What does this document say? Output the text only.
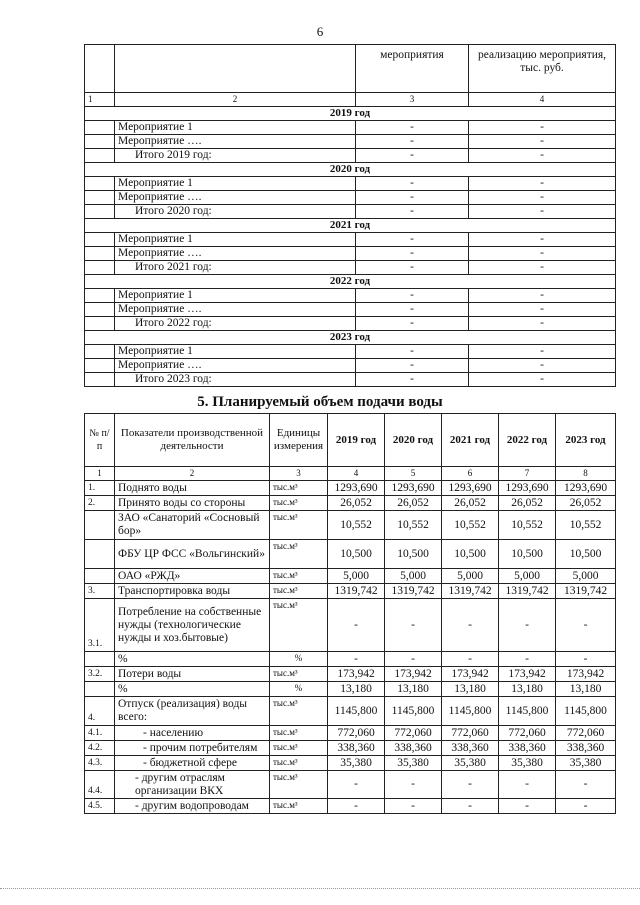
6
		мероприятия	реализацию мероприятия, тыс. руб.
1	2	3	4
2019 год			
	Мероприятие 1	-	-
	Мероприятие ….	-	-
	Итого 2019 год:	-	-
2020 год			
	Мероприятие 1	-	-
	Мероприятие ….	-	-
	Итого 2020 год:	-	-
2021 год			
	Мероприятие 1	-	-
	Мероприятие ….	-	-
	Итого 2021 год:	-	-
2022 год			
	Мероприятие 1	-	-
	Мероприятие ….	-	-
	Итого 2022 год:	-	-
2023 год			
	Мероприятие 1	-	-
	Мероприятие ….	-	-
	Итого 2023 год:	-	-
5. Планируемый объем подачи воды
№ п/п	Показатели производственной деятельности	Единицы измерения	2019 год	2020 год	2021 год	2022 год	2023 год
1	2	3	4	5	6	7	8
1.	Поднято воды	тыс.м³	1293,690	1293,690	1293,690	1293,690	1293,690
2.	Принято воды со стороны	тыс.м³	26,052	26,052	26,052	26,052	26,052
	ЗАО «Санаторий «Сосновый бор»	тыс.м³	10,552	10,552	10,552	10,552	10,552
	ФБУ ЦР ФСС «Вольгинский»	тыс.м³	10,500	10,500	10,500	10,500	10,500
	ОАО «РЖД»	тыс.м³	5,000	5,000	5,000	5,000	5,000
3.	Транспортировка воды	тыс.м³	1319,742	1319,742	1319,742	1319,742	1319,742
3.1.	Потребление на собственные нужды (технологические нужды и хоз.бытовые)	тыс.м³	-	-	-	-	-
	%	%	-	-	-	-	-
3.2.	Потери воды	тыс.м³	173,942	173,942	173,942	173,942	173,942
	%	%	13,180	13,180	13,180	13,180	13,180
4.	Отпуск (реализация) воды всего:	тыс.м³	1145,800	1145,800	1145,800	1145,800	1145,800
4.1.	- населению	тыс.м³	772,060	772,060	772,060	772,060	772,060
4.2.	- прочим потребителям	тыс.м³	338,360	338,360	338,360	338,360	338,360
4.3.	- бюджетной сфере	тыс.м³	35,380	35,380	35,380	35,380	35,380
4.4.	- другим отраслям организации ВКХ	тыс.м³	-	-	-	-	-
4.5.	- другим водопроводам	тыс.м³	-	-	-	-	-
